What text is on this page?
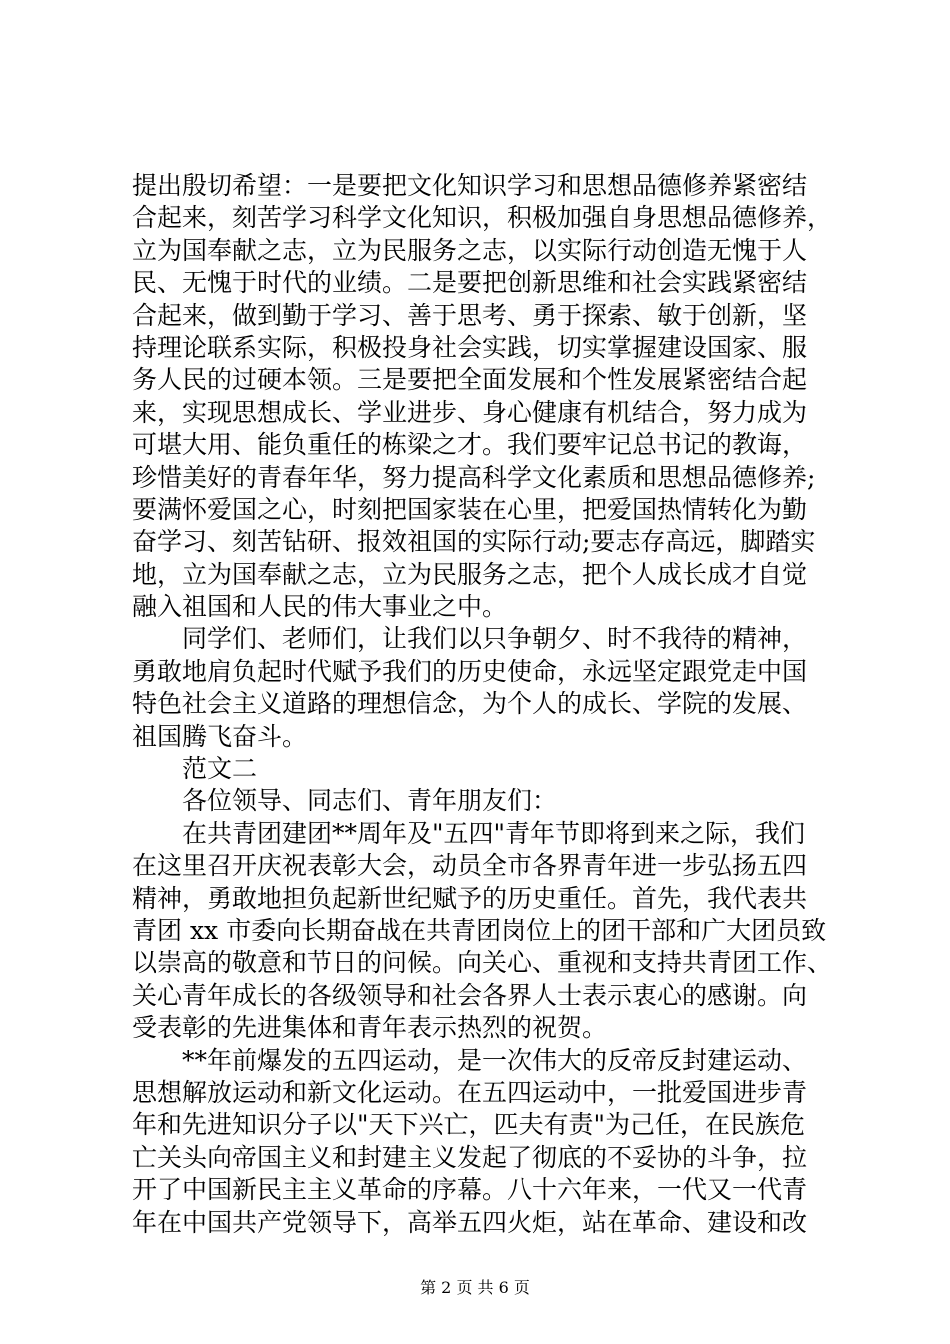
提出殷切希望：一是要把文化知识学习和思想品德修养紧密结
合起来，刻苦学习科学文化知识，积极加强自身思想品德修养，
立为国奉献之志，立为民服务之志，以实际行动创造无愧于人
民、无愧于时代的业绩。二是要把创新思维和社会实践紧密结
合起来，做到勤于学习、善于思考、勇于探索、敏于创新，坚
持理论联系实际，积极投身社会实践，切实掌握建设国家、服
务人民的过硬本领。三是要把全面发展和个性发展紧密结合起
来，实现思想成长、学业进步、身心健康有机结合，努力成为
可堪大用、能负重任的栋梁之才。我们要牢记总书记的教诲，
珍惜美好的青春年华，努力提高科学文化素质和思想品德修养;
要满怀爱国之心，时刻把国家装在心里，把爱国热情转化为勤
奋学习、刻苦钻研、报效祖国的实际行动;要志存高远，脚踏实
地，立为国奉献之志，立为民服务之志，把个人成长成才自觉
融入祖国和人民的伟大事业之中。
同学们、老师们，让我们以只争朝夕、时不我待的精神，
勇敢地肩负起时代赋予我们的历史使命，永远坚定跟党走中国
特色社会主义道路的理想信念，为个人的成长、学院的发展、
祖国腾飞奋斗。
范文二
各位领导、同志们、青年朋友们：
在共青团建团**周年及"五四"青年节即将到来之际，我们
在这里召开庆祝表彰大会，动员全市各界青年进一步弘扬五四
精神，勇敢地担负起新世纪赋予的历史重任。首先，我代表共
青团 xx 市委向长期奋战在共青团岗位上的团干部和广大团员致
以崇高的敬意和节日的问候。向关心、重视和支持共青团工作、
关心青年成长的各级领导和社会各界人士表示衷心的感谢。向
受表彰的先进集体和青年表示热烈的祝贺。
**年前爆发的五四运动，是一次伟大的反帝反封建运动、
思想解放运动和新文化运动。在五四运动中，一批爱国进步青
年和先进知识分子以"天下兴亡，匹夫有责"为己任，在民族危
亡关头向帝国主义和封建主义发起了彻底的不妥协的斗争，拉
开了中国新民主主义革命的序幕。八十六年来，一代又一代青
年在中国共产党领导下，高举五四火炬，站在革命、建设和改
第 2 页 共 6 页
